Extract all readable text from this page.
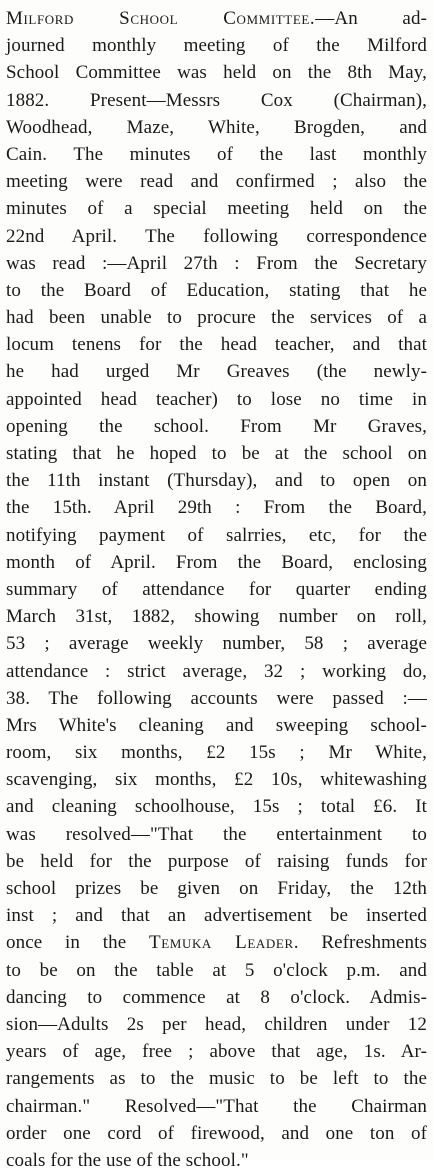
Milford School Committee.—An ad-
journed monthly meeting of the Milford
School Committee was held on the 8th May,
1882. Present—Messrs Cox (Chairman),
Woodhead, Maze, White, Brogden, and
Cain. The minutes of the last monthly
meeting were read and confirmed ; also the
minutes of a special meeting held on the
22nd April. The following correspondence
was read :—April 27th : From the Secretary
to the Board of Education, stating that he
had been unable to procure the services of a
locum tenens for the head teacher, and that
he had urged Mr Greaves (the newly-
appointed head teacher) to lose no time in
opening the school. From Mr Graves,
stating that he hoped to be at the school on
the 11th instant (Thursday), and to open on
the 15th. April 29th : From the Board,
notifying payment of salrries, etc, for the
month of April. From the Board, enclosing
summary of attendance for quarter ending
March 31st, 1882, showing number on roll,
53 ; average weekly number, 58 ; average
attendance : strict average, 32 ; working do,
38. The following accounts were passed :—
Mrs White's cleaning and sweeping school-
room, six months, £2 15s ; Mr White,
scavenging, six months, £2 10s, whitewashing
and cleaning schoolhouse, 15s ; total £6. It
was resolved—"That the entertainment to
be held for the purpose of raising funds for
school prizes be given on Friday, the 12th
inst ; and that an advertisement be inserted
once in the Temuka Leader. Refreshments
to be on the table at 5 o'clock p.m. and
dancing to commence at 8 o'clock. Admis-
sion—Adults 2s per head, children under 12
years of age, free ; above that age, 1s. Ar-
rangements as to the music to be left to the
chairman." Resolved—"That the Chairman
order one cord of firewood, and one ton of
coals for the use of the school."
